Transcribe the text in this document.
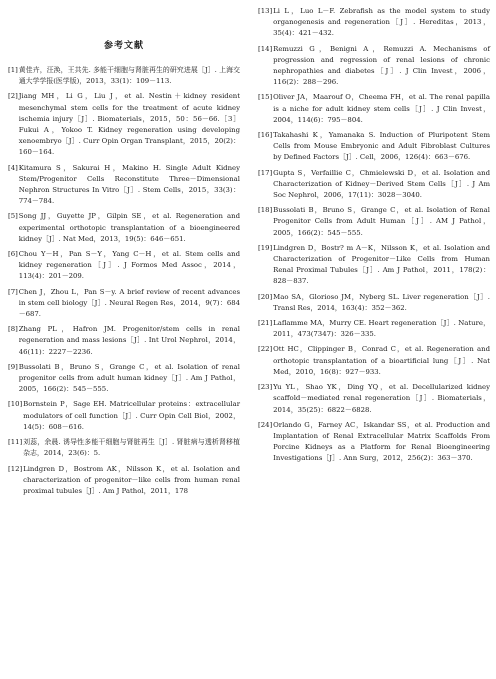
参考文献
[1] 黄佳卉，汪涣，王共先. 多能干细胞与肾脏再生的研究进展［J］. 上海交通大学学报(医学版)，2013，33(1)：109－113.
[2] Jiang MH，Li G，Liu J，et al. Nestin＋kidney resident mesenchymal stem cells for the treatment of acute kidney ischemia injury［J］. Biomaterials，2015，50：56－66.［3］Fukui A，Yokoo T. Kidney regeneration using developing xenoembryo［J］. Curr Opin Organ Transplant，2015，20(2)：160－164.
[4] Kitamura S，Sakurai H，Makino H. Single Adult Kidney Stem/Progenitor Cells Reconstitute Three－Dimensional Nephron Structures In Vitro［J］. Stem Cells，2015，33(3)：774－784.
[5] Song JJ，Guyette JP，Gilpin SE，et al. Regeneration and experimental orthotopic transplantation of a bioengineered kidney［J］. Nat Med，2013，19(5)：646－651.
[6] Chou Y－H，Pan S－Y，Yang C－H，et al. Stem cells and kidney regeneration［J］. J Formos Med Assoc，2014，113(4)：201－209.
[7] Chen J，Zhou L，Pan S－y. A brief review of recent advances in stem cell biology［J］. Neural Regen Res，2014，9(7)：684－687.
[8] Zhang PL，Hafron JM. Progenitor/stem cells in renal regeneration and mass lesions［J］. Int Urol Nephrol，2014，46(11)：2227－2236.
[9] Bussolati B，Bruno S，Grange C，et al. Isolation of renal progenitor cells from adult human kidney［J］. Am J Pathol，2005，166(2)：545－555.
[10] Bornstein P，Sage EH. Matricellular proteins：extracellular modulators of cell function［J］. Curr Opin Cell Biol，2002，14(5)：608－616.
[11] 刘蕊，余晨. 诱导性多能干细胞与肾脏再生［J］. 肾脏病与透析肾移植杂志，2014，23(6)：5.
[12] Lindgren D，Bostrom AK，Nilsson K，et al. Isolation and characterization of progenitor－like cells from human renal proximal tubules［J］. Am J Pathol，2011，178
[13] Li L，Luo L－F. Zebrafish as the model system to study organogenesis and regeneration［J］. Hereditas，2013，35(4)：421－432.
[14] Remuzzi G，Benigni A，Remuzzi A. Mechanisms of progression and regression of renal lesions of chronic nephropathies and diabetes［J］. J Clin Invest，2006，116(2)：288－296.
[15] Oliver JA，Maarouf O，Cheema FH，et al. The renal papilla is a niche for adult kidney stem cells［J］. J Clin Invest，2004，114(6)：795－804.
[16] Takahashi K，Yamanaka S. Induction of Pluripotent Stem Cells from Mouse Embryonic and Adult Fibroblast Cultures by Defined Factors［J］. Cell，2006，126(4)：663－676.
[17] Gupta S，Verfaillie C，Chmielewski D，et al. Isolation and Characterization of Kidney－Derived Stem Cells［J］. J Am Soc Nephrol，2006，17(11)：3028－3040.
[18] Bussolati B，Bruno S，Grange C，et al. Isolation of Renal Progenitor Cells from Adult Human［J］. AM J Pathol，2005，166(2)：545－555.
[19] Lindgren D，Bostr? m A－K，Nilsson K，et al. Isolation and Characterization of Progenitor－Like Cells from Human Renal Proximal Tubules［J］. Am J Pathol，2011，178(2)：828－837.
[20] Mao SA，Glorioso JM，Nyberg SL. Liver regeneration［J］. Transl Res，2014，163(4)：352－362.
[21] Laflamme MA，Murry CE. Heart regeneration［J］. Nature，2011，473(7347)：326－335.
[22] Ott HC，Clippinger B，Conrad C，et al. Regeneration and orthotopic transplantation of a bioartificial lung［J］. Nat Med，2010，16(8)：927－933.
[23] Yu YL，Shao YK，Ding YQ，et al. Decellularized kidney scaffold－mediated renal regeneration［J］. Biomaterials，2014，35(25)：6822－6828.
[24] Orlando G，Farney AC，Iskandar SS，et al. Production and Implantation of Renal Extracellular Matrix Scaffolds From Porcine Kidneys as a Platform for Renal Bioengineering Investigations［J］. Ann Surg，2012，256(2)：363－370.
